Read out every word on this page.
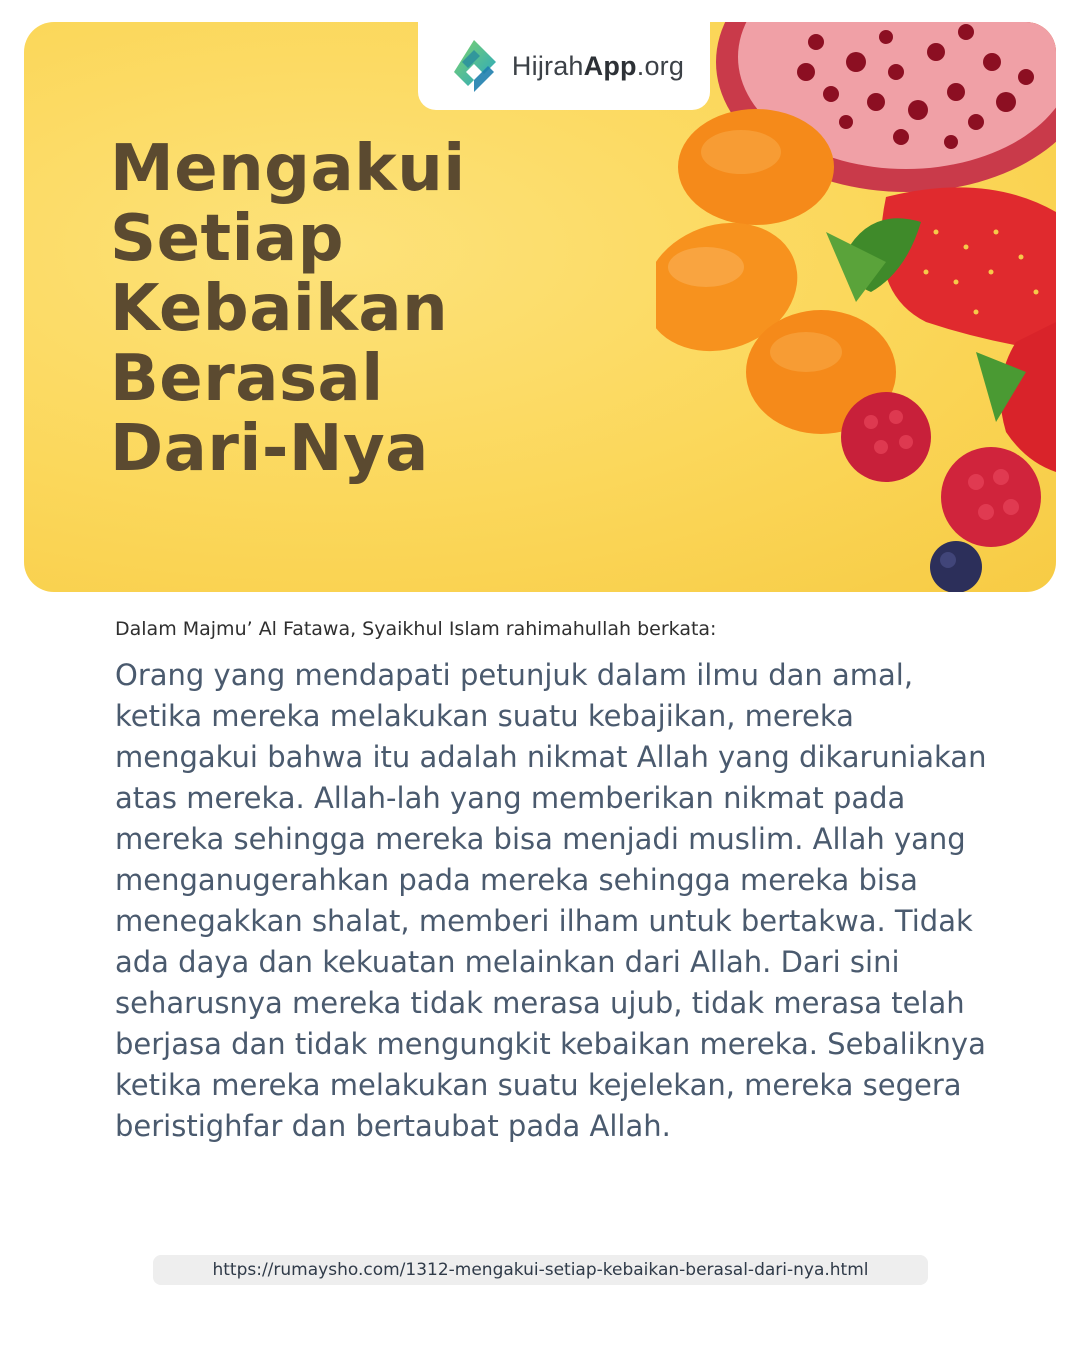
HijrahApp.org
Mengakui
Setiap
Kebaikan
Berasal
Dari-Nya

Dalam Majmu’ Al Fatawa, Syaikhul Islam rahimahullah berkata:

Orang yang mendapati petunjuk dalam ilmu dan amal, ketika mereka melakukan suatu kebajikan, mereka mengakui bahwa itu adalah nikmat Allah yang dikaruniakan atas mereka. Allah-lah yang memberikan nikmat pada mereka sehingga mereka bisa menjadi muslim. Allah yang menganugerahkan pada mereka sehingga mereka bisa menegakkan shalat, memberi ilham untuk bertakwa. Tidak ada daya dan kekuatan melainkan dari Allah. Dari sini seharusnya mereka tidak merasa ujub, tidak merasa telah berjasa dan tidak mengungkit kebaikan mereka. Sebaliknya ketika mereka melakukan suatu kejelekan, mereka segera beristighfar dan bertaubat pada Allah.

https://rumaysho.com/1312-mengakui-setiap-kebaikan-berasal-dari-nya.html
